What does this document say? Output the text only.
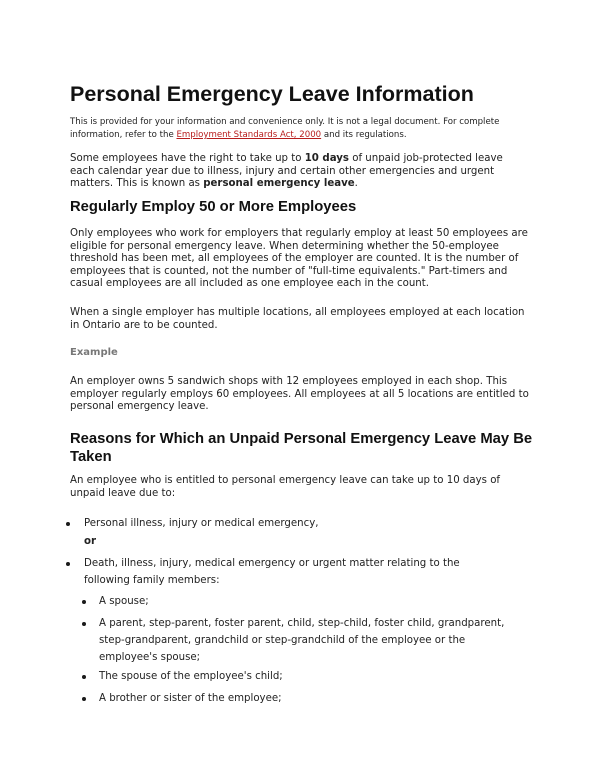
Personal Emergency Leave Information

This is provided for your information and convenience only. It is not a legal document. For complete information, refer to the Employment Standards Act, 2000 and its regulations.

Some employees have the right to take up to 10 days of unpaid job-protected leave each calendar year due to illness, injury and certain other emergencies and urgent matters. This is known as personal emergency leave.

Regularly Employ 50 or More Employees

Only employees who work for employers that regularly employ at least 50 employees are eligible for personal emergency leave. When determining whether the 50-employee threshold has been met, all employees of the employer are counted. It is the number of employees that is counted, not the number of "full-time equivalents." Part-timers and casual employees are all included as one employee each in the count.

When a single employer has multiple locations, all employees employed at each location in Ontario are to be counted.

Example

An employer owns 5 sandwich shops with 12 employees employed in each shop. This employer regularly employs 60 employees. All employees at all 5 locations are entitled to personal emergency leave.

Reasons for Which an Unpaid Personal Emergency Leave May Be Taken

An employee who is entitled to personal emergency leave can take up to 10 days of unpaid leave due to:

Personal illness, injury or medical emergency,
or
Death, illness, injury, medical emergency or urgent matter relating to the following family members:
A spouse;
A parent, step-parent, foster parent, child, step-child, foster child, grandparent, step-grandparent, grandchild or step-grandchild of the employee or the employee's spouse;
The spouse of the employee's child;
A brother or sister of the employee;
